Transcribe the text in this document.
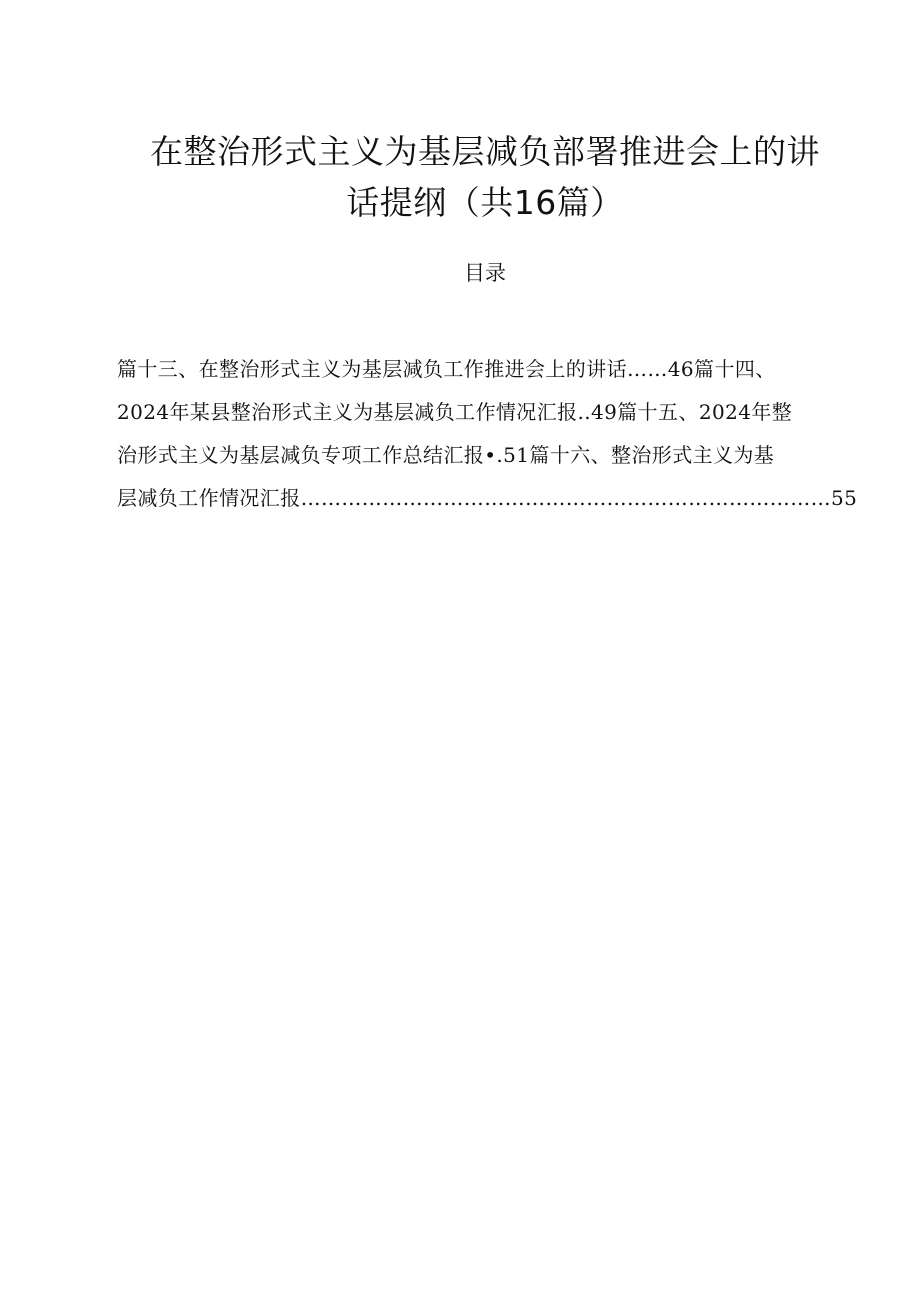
在整治形式主义为基层减负部署推进会上的讲
话提纲（共16篇）
目录
篇十三、在整治形式主义为基层减负工作推进会上的讲话……46篇十四、
2024年某县整治形式主义为基层减负工作情况汇报..49篇十五、2024年整
治形式主义为基层减负专项工作总结汇报•.51篇十六、整治形式主义为基
层减负工作情况汇报……………………………………………………………………55
